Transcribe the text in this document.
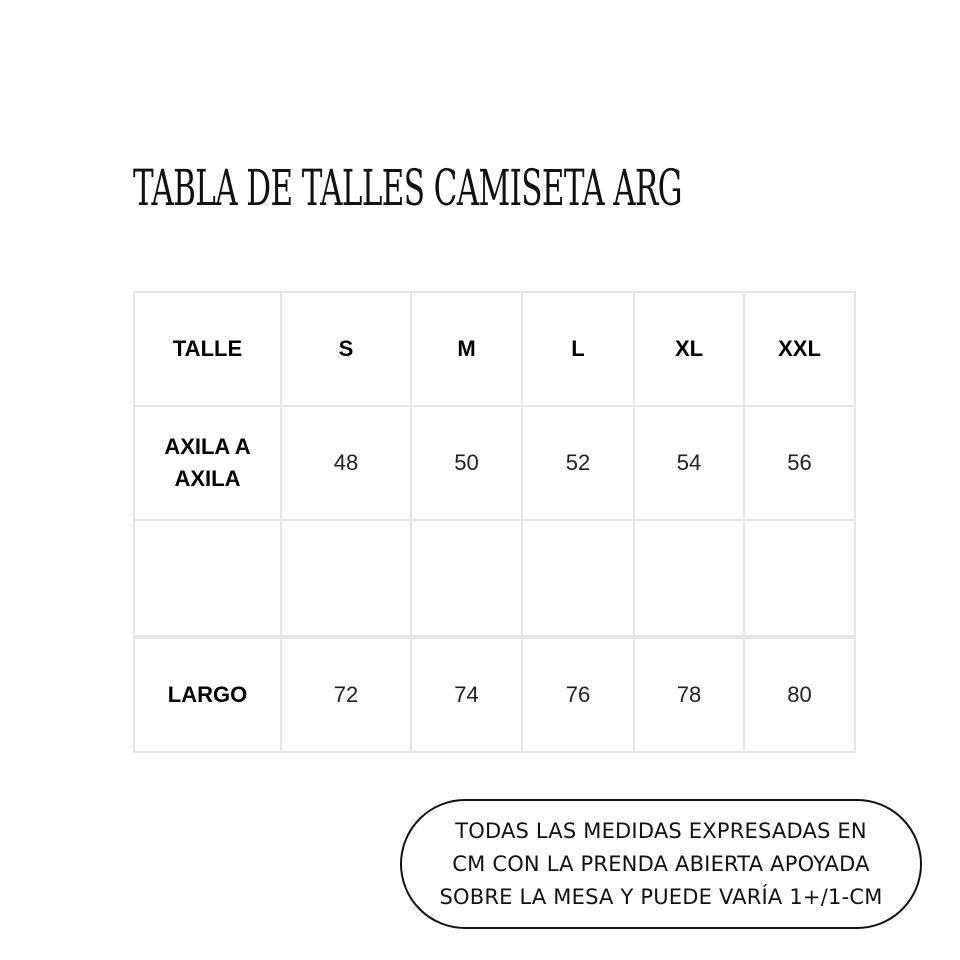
TABLA DE TALLES CAMISETA ARG
TALLE	S	M	L	XL	XXL

AXILA A
AXILA	48	50	52	54	56

LARGO	72	74	76	78	80
TODAS LAS MEDIDAS EXPRESADAS EN
CM CON LA PRENDA ABIERTA APOYADA
SOBRE LA MESA Y PUEDE VARÍA 1+/1-CM
